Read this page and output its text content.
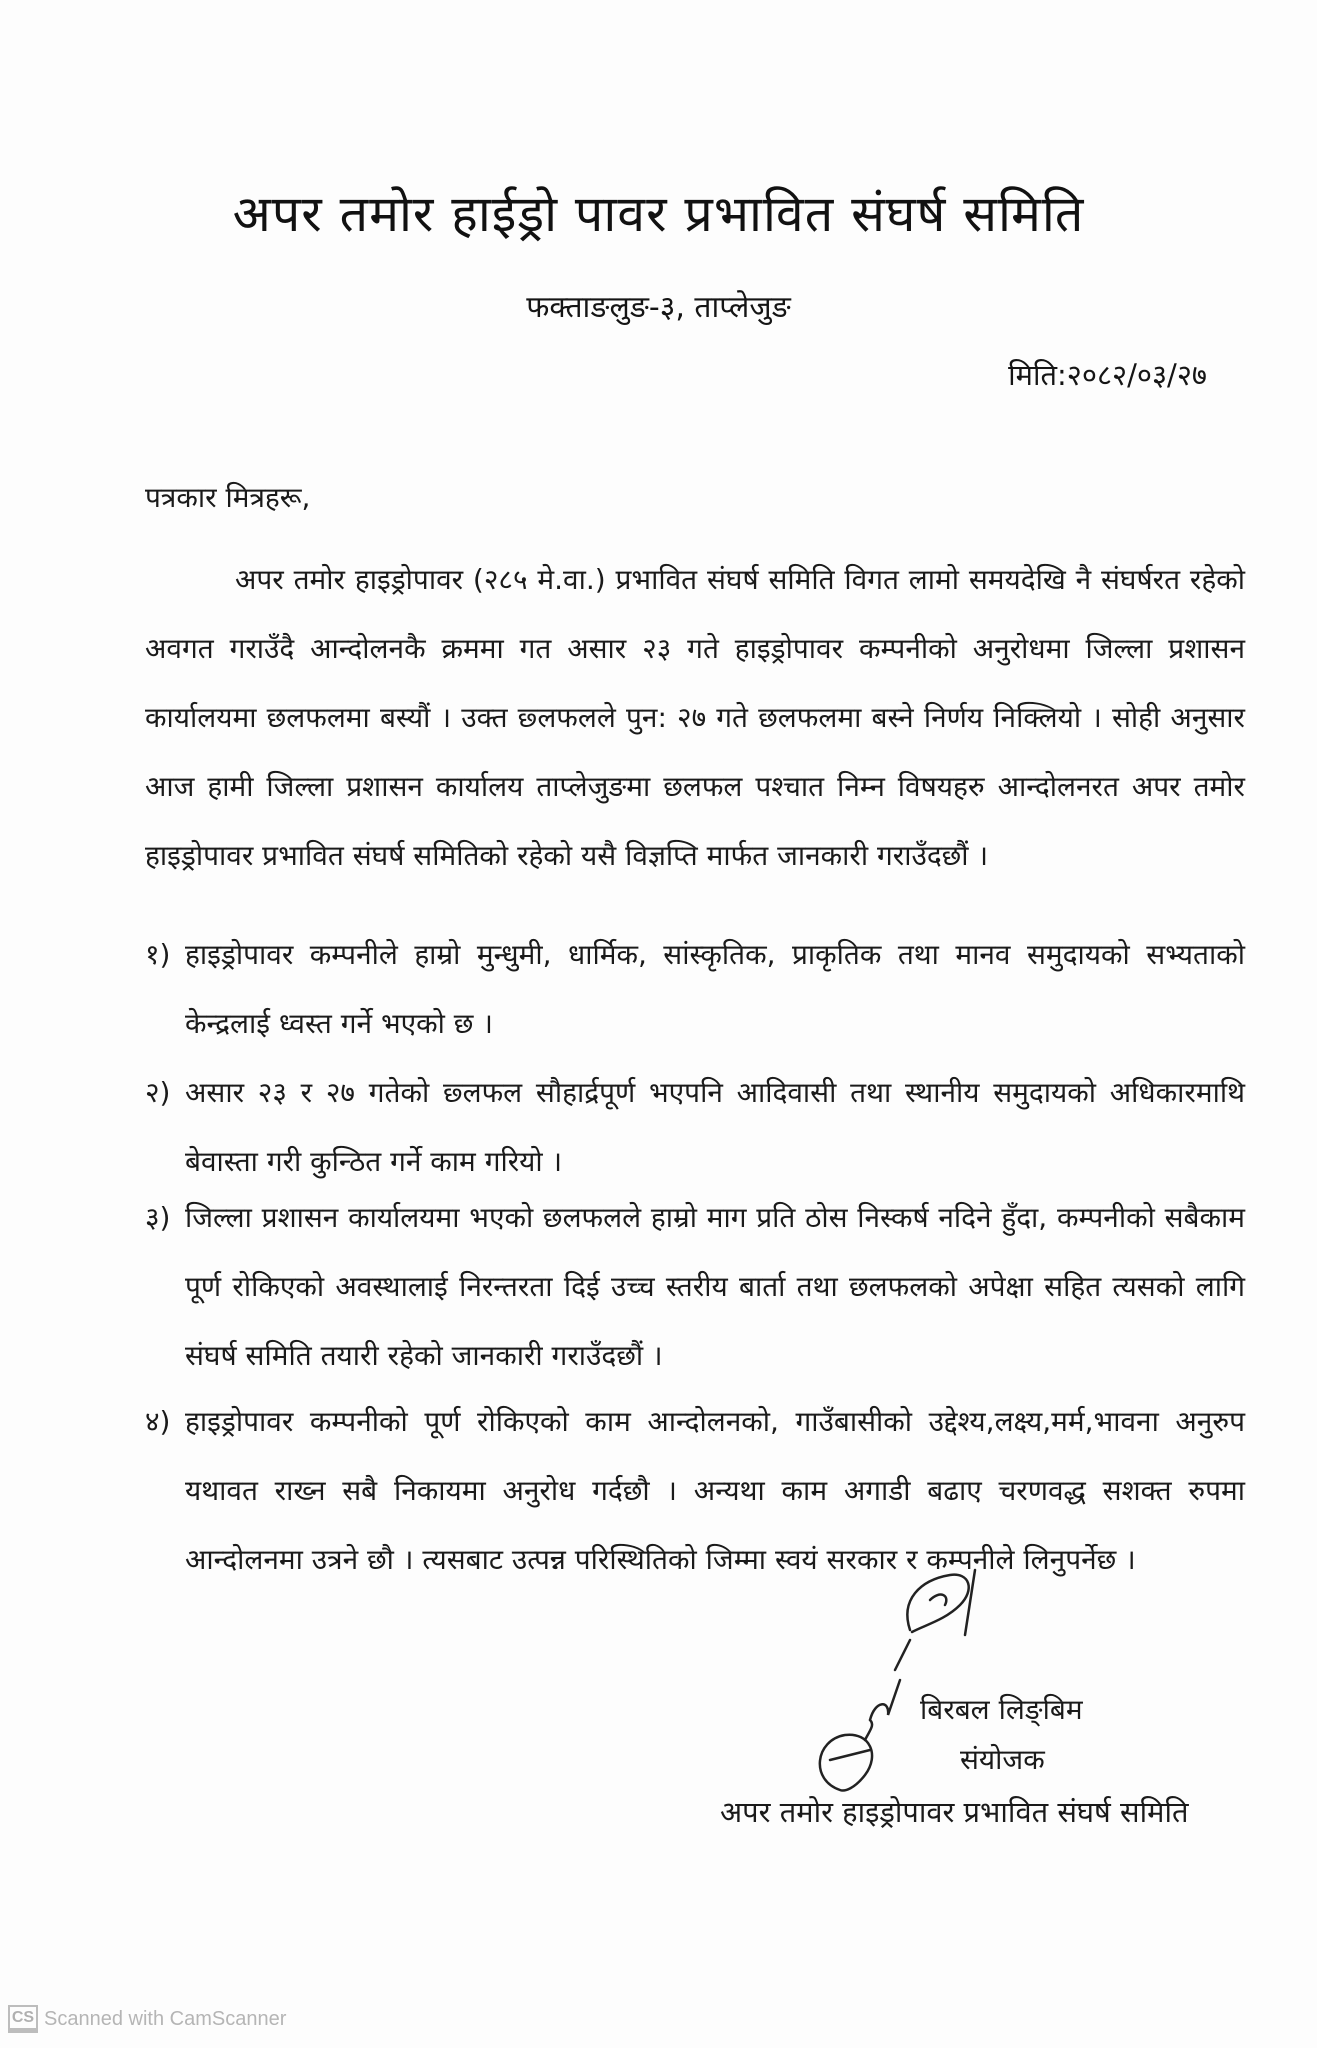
अपर तमोर हाईड्रो पावर प्रभावित संघर्ष समिति
फक्ताङलुङ-३, ताप्लेजुङ
मिति:२०८२/०३/२७
पत्रकार मित्रहरू,
अपर तमोर हाइड्रोपावर (२८५ मे.वा.) प्रभावित संघर्ष समिति विगत लामो समयदेखि नै संघर्षरत रहेको अवगत गराउँदै आन्दोलनकै क्रममा गत असार २३ गते हाइड्रोपावर कम्पनीको अनुरोधमा जिल्ला प्रशासन कार्यालयमा छलफलमा बस्यौं । उक्त छ्लफलले पुन: २७ गते छलफलमा बस्ने निर्णय निक्लियो । सोही अनुसार आज हामी जिल्ला प्रशासन कार्यालय ताप्लेजुङमा छलफल पश्चात निम्न विषयहरु आन्दोलनरत अपर तमोर हाइड्रोपावर प्रभावित संघर्ष समितिको रहेको यसै विज्ञप्ति मार्फत जानकारी गराउँदछौं ।
१) हाइड्रोपावर कम्पनीले हाम्रो मुन्धुमी, धार्मिक, सांस्कृतिक, प्राकृतिक तथा मानव समुदायको सभ्यताको केन्द्रलाई ध्वस्त गर्ने भएको छ ।
२) असार २३ र २७ गतेको छ्लफल सौहार्द्रपूर्ण भएपनि आदिवासी तथा स्थानीय समुदायको अधिकारमाथि बेवास्ता गरी कुन्ठित गर्ने काम गरियो ।
३) जिल्ला प्रशासन कार्यालयमा भएको छलफलले हाम्रो माग प्रति ठोस निस्कर्ष नदिने हुँदा, कम्पनीको सबैकाम पूर्ण रोकिएको अवस्थालाई निरन्तरता दिई उच्च स्तरीय बार्ता तथा छलफलको अपेक्षा सहित त्यसको लागि संघर्ष समिति तयारी रहेको जानकारी गराउँदछौं ।
४) हाइड्रोपावर कम्पनीको पूर्ण रोकिएको काम आन्दोलनको, गाउँबासीको उद्देश्य,लक्ष्य,मर्म,भावना अनुरुप यथावत राख्न सबै निकायमा अनुरोध गर्दछौ । अन्यथा काम अगाडी बढाए चरणवद्ध सशक्त रुपमा आन्दोलनमा उत्रने छौ । त्यसबाट उत्पन्न परिस्थितिको जिम्मा स्वयं सरकार र कम्पनीले लिनुपर्नेछ ।
बिरबल लिङ्बिम
संयोजक
अपर तमोर हाइड्रोपावर प्रभावित संघर्ष समिति
CS Scanned with CamScanner
